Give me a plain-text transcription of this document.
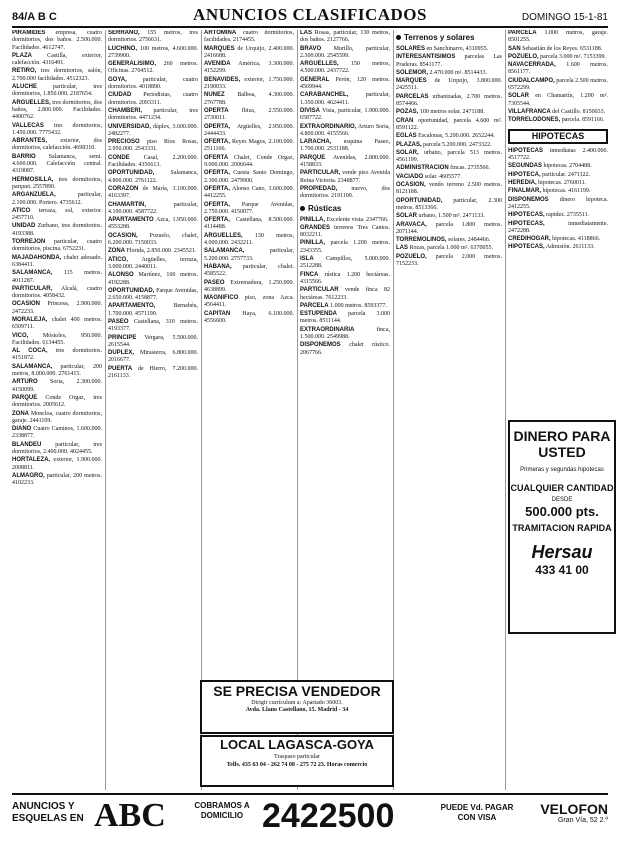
84/A B C	ANUNCIOS CLASIFICADOS	DOMINGO 15-1-81

PIRAMIDES empresa, cuatro dormitorios, dos baños. 2.500.000. Facilidades. 4612747.

PLAZA	Castilla, exterior, calefacción. 4316491.

RETIRO, tres dormitorios, salón, 2.700.000 facilidades. 4512323.

ALUCHE	particular, tres dormitorios, 1.850.000. 2187654.

ARGUELLES, tres dormitorios, dos baños, 2.800.000. Facilidades. 4490762.

VALLECAS tres dormitorios, 1.450.000. 7775432.

ABRANTES, exterior, dos dormitorios, calefacción. 4698310.

BARRIO Salamanca, semi. 4.600.000. Calefacción central. 4319087.

HERMOSILLA, tres dormitorios, parquet. 2557890.

ARGANZUELA,	particular, 2.100.000. Portero. 4735612.

ATICO terraza, sol, exterior. 2457710.

UNIDAD Zurbano, tres dormitorios. 4193388.

TORREJON particular, cuatro dormitorios, piscina. 6752231.

MAJADAHONDA, chalet adosado. 6384411.

SALAMANCA, 115 metros. 4011287.

PARTICULAR, Alcalá, cuatro dormitorios. 4058432.

OCASION Princesa, 2.900.000. 2472233.

MORALEJA, chalet 400 metros. 6509711.

VICO, Móstoles, 950.000. Facilidades. 6134455.

AL COCA, tres dormitorios. 4151872.

SALAMANCA, particular, 200 metros, 8.000.000. 2761415.

ARTURO Soria, 2.300.000. 4150099.

PARQUE Conde Orgaz, tres dormitorios. 2005612.

ZONA Moncloa, cuatro dormitorios, garaje. 2441109.

DIANO Cuatro Caminos, 1.600.000. 2338877.

BLANDEU particular, tres dormitorios, 2.400.000. 4024455.

HORTALEZA, exterior, 1.900.000. 2008811.

ALMAGRO, particular, 200 metros. 4102233.

SERRANO, 155 metros, tres dormitorios. 2756631.

LUCHINO, 100 metros, 4.600.000. 2739900.

GENERALISIMO, 260 metros. Oficinas. 2704512.

GOYA,	particular, cuatro dormitorios. 4018890.

CIUDAD Periodistas, cuatro dormitorios. 2093311.

CHAMBERI, particular, tres dormitorios. 4471234.

UNIVERSIDAD, dúplex, 3.600.000. 2482277.

PRECIOSO piso Ríos Rosas, 2.950.000. 2543331.

CONDE Casal, 2.200.000. Facilidades. 4356613.

OPORTUNIDAD,	Salamanca, 4.800.000. 2761122.

CORAZON de María, 3.100.000. 4163397.

CHAMARTIN,	particular, 4.100.000. 4587722.

APARTAMENTO Azca, 1.950.000. 4553288.

OCASION, Pozuelo, chalet, 6.200.000. 7150033.

ZONA Florida, 2.850.000. 2345521.

ATICO, Argüelles, terraza, 3.000.000. 2440011.

ALONSO Martínez, 160 metros. 4192288.

OPORTUNIDAD, Parque Avenidas, 2.650.000. 4158877.

APARTAMENTO,	Bernabéu, 1.700.000. 4571190.

PASEO Castellana, 310 metros. 4193377.

PRINCIPE Vergara, 5.500.000. 2615544.

DUPLEX, Mirasierra, 6.800.000. 2016677.

PUERTA de Hierro, 7.200.000. 2161133.

ARTOMINA cuatro dormitorios, facilidades. 2174455.

MARQUES de Urquijo, 2.400.000. 2416688.

AVENIDA América, 3.300.000. 4152299.

BENAVIDES, exterior, 1.750.000. 2190033.

NUNEZ Balboa, 4.300.000. 2767788.

OPERTA Ibiza, 2.550.000. 2730011.

OPERTA, Argüelles, 2.950.000. 2444433.

OFERTA, Reyes Magos, 2.100.000. 2511166.

OFERTA Chalet, Conde Orgaz, 9.000.000. 2006644.

OFERTA, Cuesta Santo Domingo, 2.300.000. 2479900.

OFERTA, Alonso Cano, 3.600.000. 4412255.

OFERTA, Parque Avenidas, 2.750.000. 4150077.

OFERTA, Castellana, 8.500.000. 4114488.

ARGUELLES, 130 metros, 4.000.000. 2432211.

SALAMANCA,	particular, 5.200.000. 2757733.

HABANA, particular, chalet. 4585522.

PASEO Extremadura, 1.250.000. 4638899.

MAGNIFICO piso, zona Azca. 4564411.

CAPITAN Haya, 6.100.000. 4556600.

LAS Rosas, particular, 130 metros, dos baños. 2127766.

BRAVO Murillo, particular, 2.300.000. 2545599.

ARGUELLES, 150 metros, 4.500.000. 2437722.

GENERAL Perón, 120 metros. 4569944.

CARABANCHEL,	particular, 1.350.000. 4624411.

DIVISA Vista, particular, 1.900.000. 6587722.

EXTRAORDINARIO, Arturo Soria, 4.800.000. 4155566.

LARACHA, esquina Paseo, 1.700.000. 2531188.

PARQUE Avenidas, 2.800.000. 4158833.

PARTICULAR, vende piso Avenida Reina Victoria. 2348877.

PROPIEDAD, nuevo, dos dormitorios. 2191100.

Rústicas

PINILLA, Excelente vista. 2347766.

GRANDES terrenos Tres Cantos. 8032211.

PINILLA, parcela 1.200 metros. 2343355.

ISLA Campillos, 5.000.000. 2512288.

FINCA rústica 1.200 hectáreas. 4315566.

PARTICULAR vende finca 82 hectáreas. 7612233.

PARCELA 1.000 metros. 8593377.

ESTUPENDA parcela 3.000 metros. 8511144.

EXTRAORDINARIA	finca, 1.500.000. 2549988.

DISPONEMOS chalet rústico. 2067766.

Terrenos y solares

SOLARES en Sanchinarro, 4310955.

INTERESANTISIMOS parcelas Las Praderas. 8541177.

SOLEMOR, 2.470.000 m². 8514433.

MARQUES de Urquijo, 3.800.000. 2425511.

PARCELAS urbanizadas, 2.700 metros. 8574466.

POZAS, 100 metros solar. 2471188.

CRAN oportunidad, parcela 4.600 m². 8591122.

EGLAS Escalonas, 5.200.000. 2652244.

PLAZAS, parcela 5.200.000. 2473322.

SOLAR, urbano, parcela 513 metros. 4561199.

ADMINISTRACION fincas. 2735566.

VACIADO solar. 4605577.

OCASION, vendo terreno 2.500 metros. 8121188.

OPORTUNIDAD, particular, 2.300 metros. 8513366.

SOLAR urbano, 1.500 m². 2471133.

ARAVACA, parcela 1.800 metros. 2071144.

TORREMOLINOS, solares. 2484466.

LAS Rozas, parcela 1.000 m². 6370055.

POZUELO, parcela 2.000 metros. 7152233.

PARCELA 1.000 metros, garaje. 8501255.

SAN Sebastián de los Reyes. 6531188.

POZUELO, parcela 3.000 m². 7153399.

NAVACERRADA, 1.600 metros. 8561177.

CIUDALCAMPO, parcela 2.500 metros. 6572299.

SOLAR en Chamartín, 1.200 m². 7305544.

VILLAFRANCA del Castillo. 8150033.

TORRELODONES, parcela. 8591166.

HIPOTECAS

HIPOTECAS inmediatas 2.400.000. 4517722.

SEGUNDAS hipotecas. 2704488.

HIPOTECA, particular. 2471122.

HEREDIA, hipotecas. 2760011.

FINALMAR, hipotecas. 4161199.

DISPONEMOS dinero hipoteca. 2412255.

HIPOTECAS, rapidez. 2735511.

HIPOTECAS,	inmediatamente. 2472288.

CREDIHOGAR, hipotecas. 4118866.

HIPOTECAS, Admisión. 2611133.

SE PRECISA VENDEDOR
Dirigir currículum a: Apartado 36003.
Avda. Llano Castellano, 15. Madrid - 34
LOCAL LAGASCA-GOYA
Traspaso particular
Telfs. 435 63 04 - 262 74 08 - 275 72 23. Horas comercio
DINERO PARA USTED
Primeras y segundas hipotecas
CUALQUIER CANTIDAD
DESDE
500.000 pts.
TRAMITACION RAPIDA
Hersau
433 41 00
ANUNCIOS Y ESQUELAS EN ABC	COBRAMOS A DOMICILIO 2422500	PUEDE Vd. PAGAR CON VISA
VELOFON
Gran Vía, 52 2.º
